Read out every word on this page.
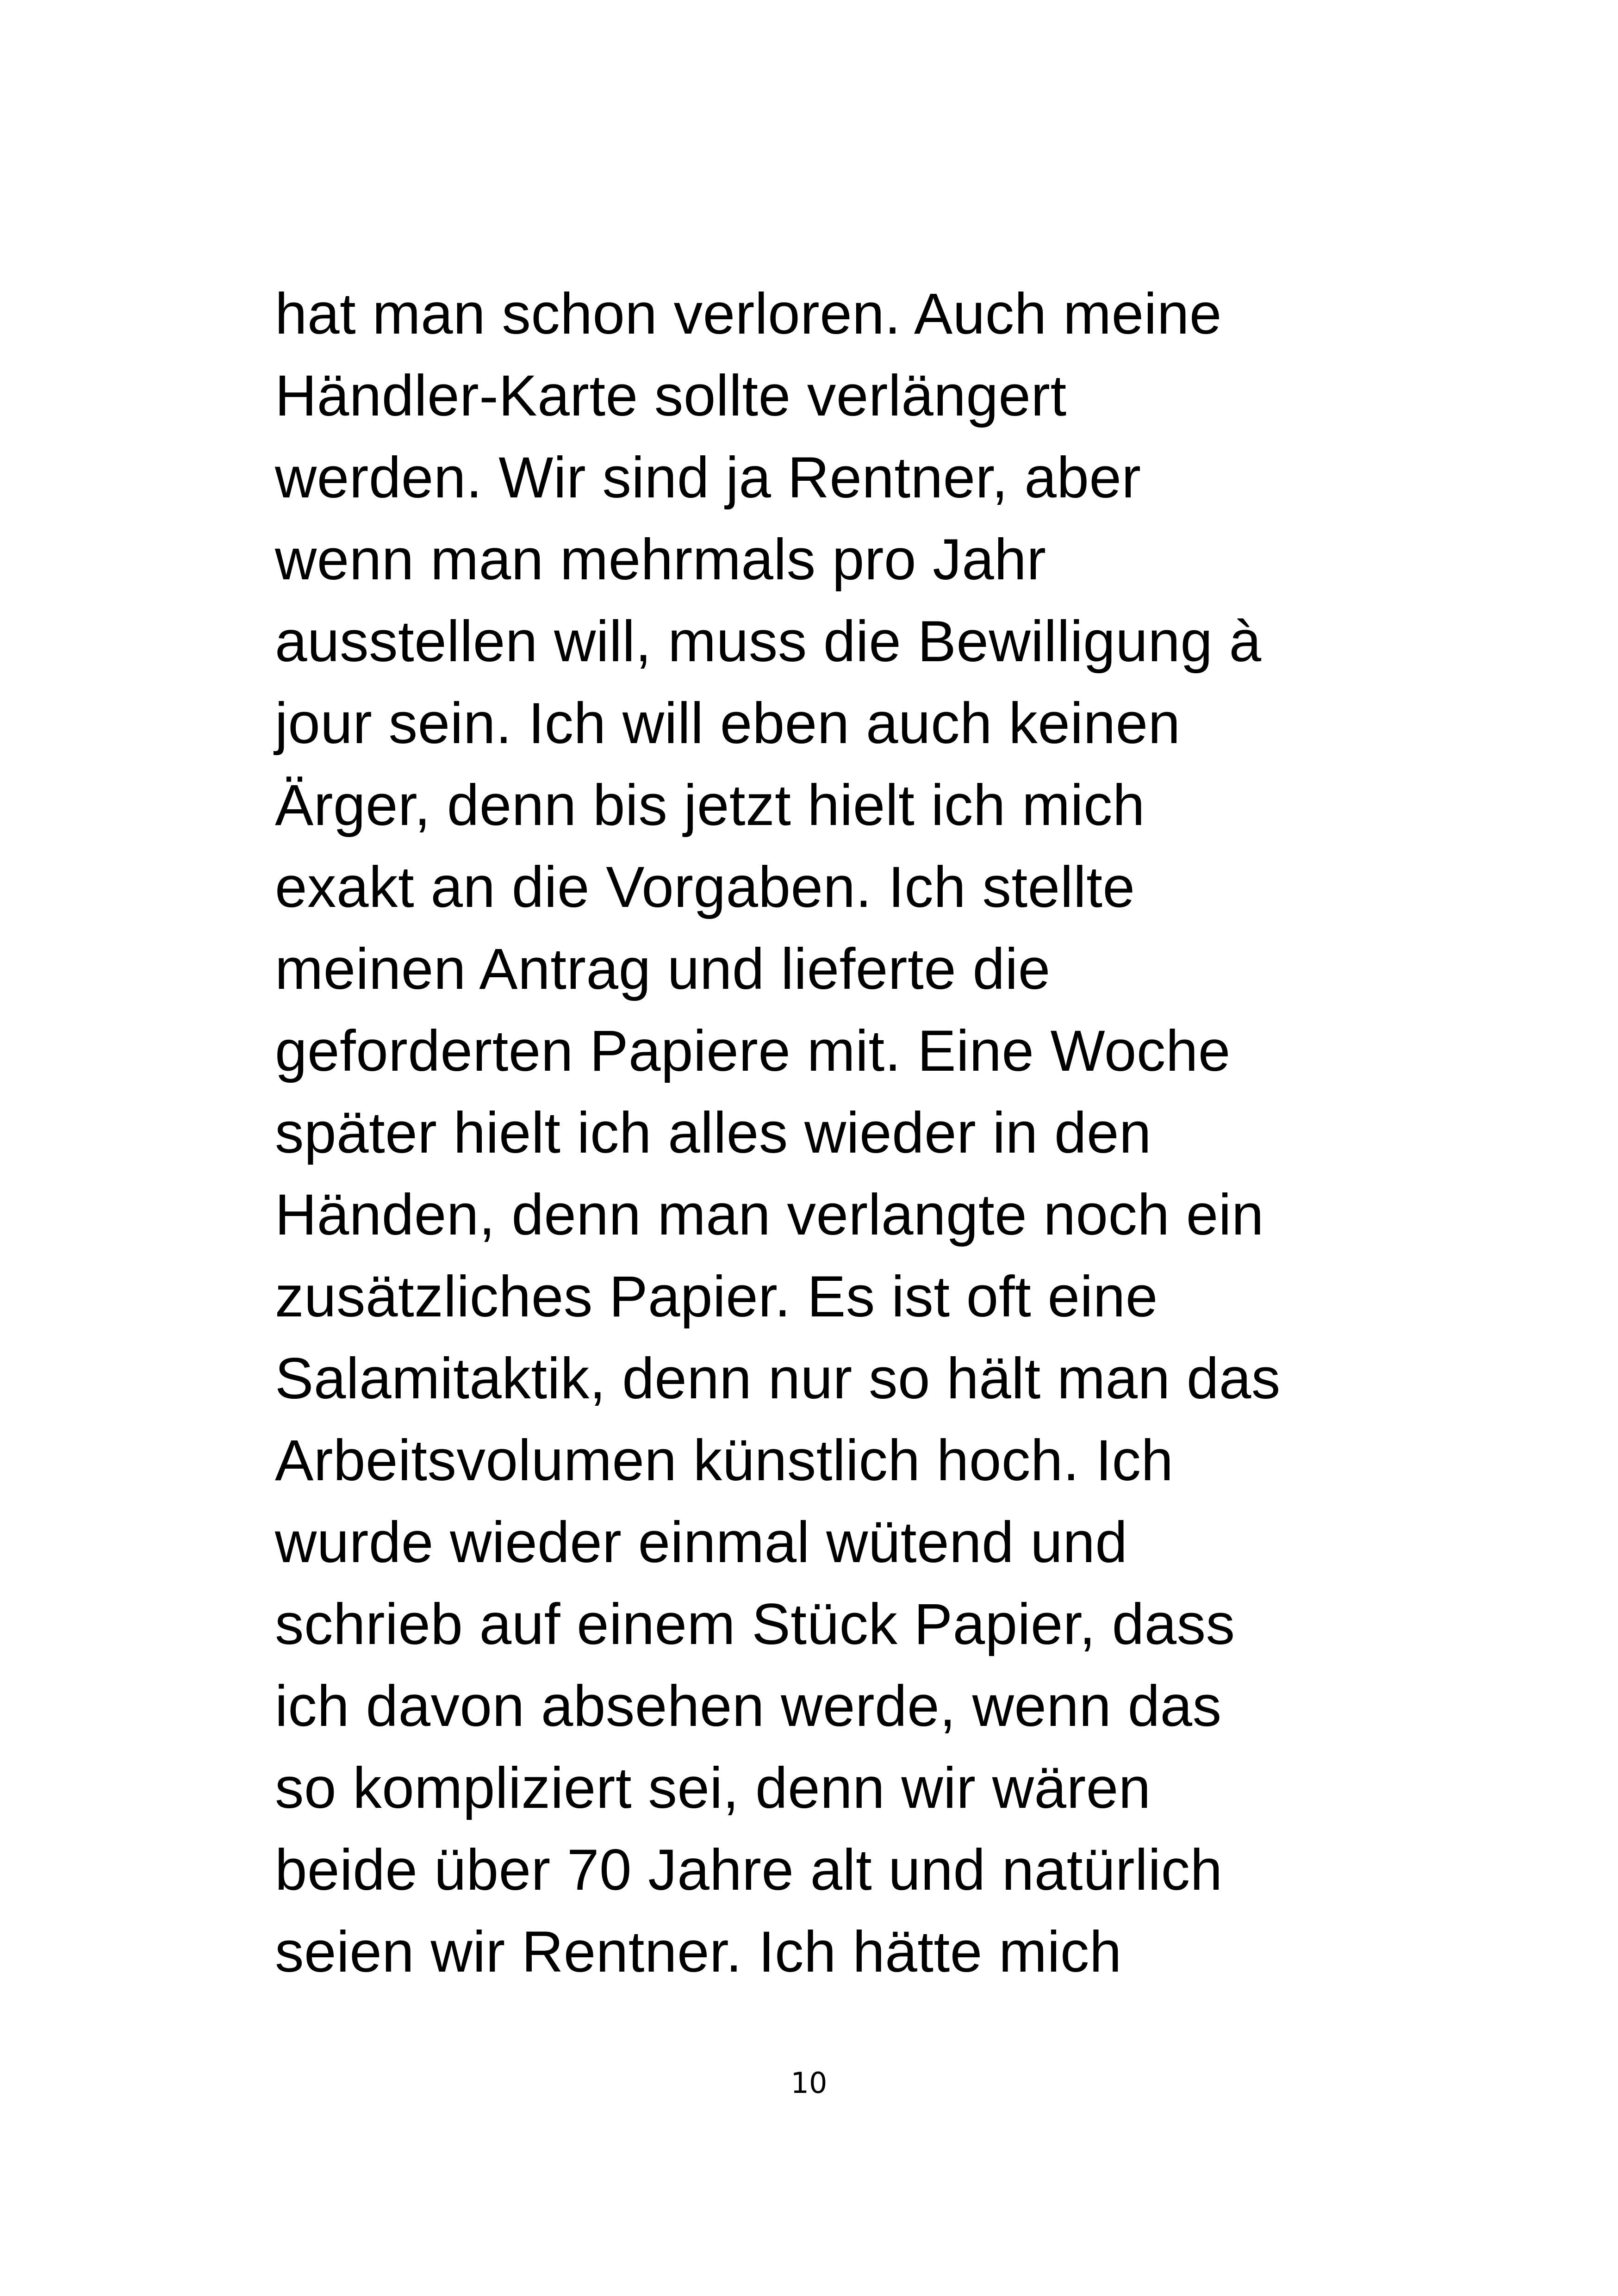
hat man schon verloren. Auch meine
Händler-Karte sollte verlängert
werden. Wir sind ja Rentner, aber
wenn man mehrmals pro Jahr
ausstellen will, muss die Bewilligung à
jour sein. Ich will eben auch keinen
Ärger, denn bis jetzt hielt ich mich
exakt an die Vorgaben. Ich stellte
meinen Antrag und lieferte die
geforderten Papiere mit. Eine Woche
später hielt ich alles wieder in den
Händen, denn man verlangte noch ein
zusätzliches Papier. Es ist oft eine
Salamitaktik, denn nur so hält man das
Arbeitsvolumen künstlich hoch. Ich
wurde wieder einmal wütend und
schrieb auf einem Stück Papier, dass
ich davon absehen werde, wenn das
so kompliziert sei, denn wir wären
beide über 70 Jahre alt und natürlich
seien wir Rentner. Ich hätte mich
10
